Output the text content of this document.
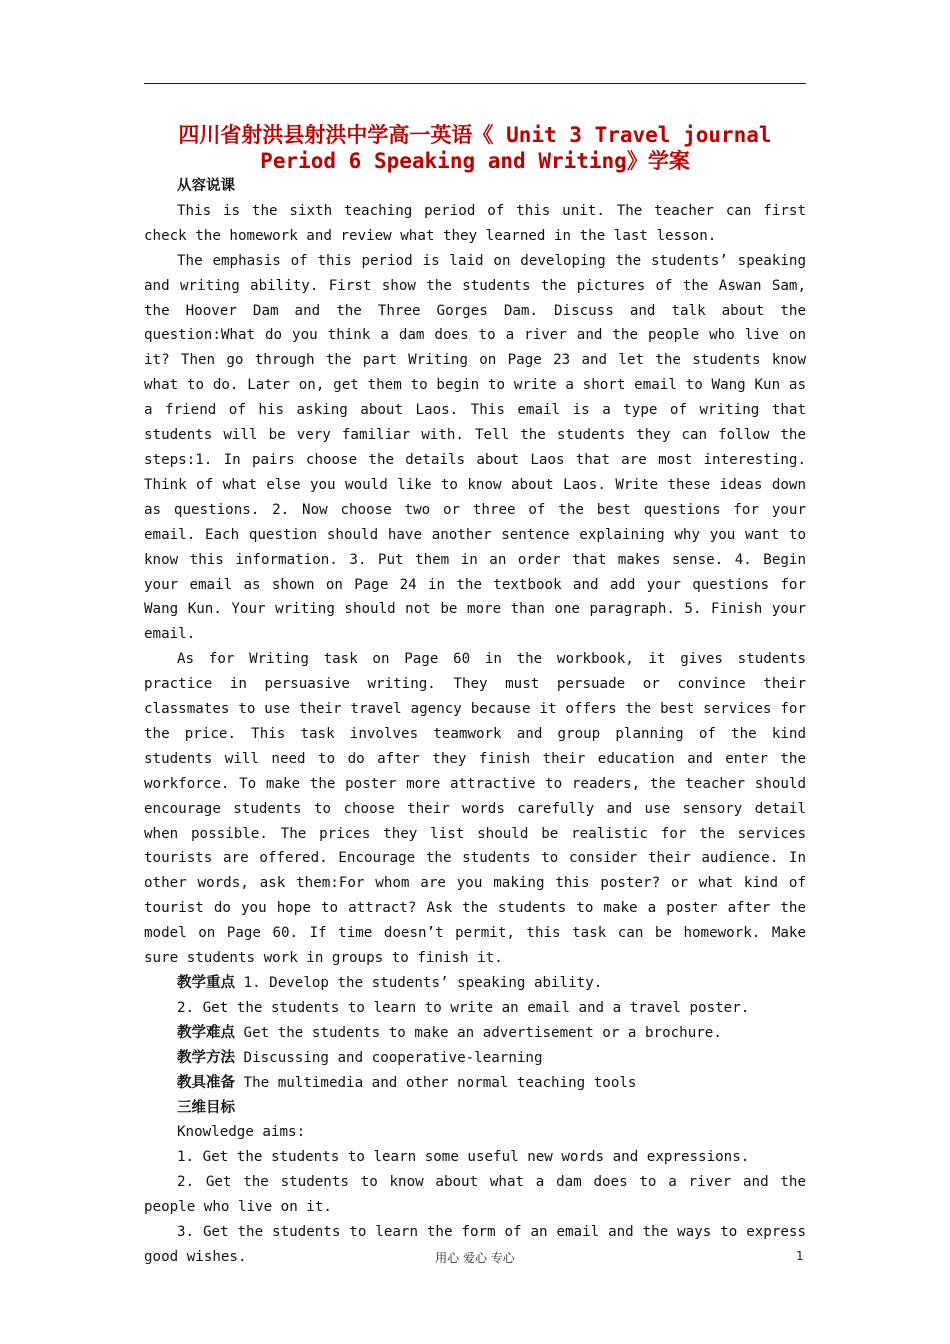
四川省射洪县射洪中学高一英语《 Unit 3 Travel journal Period 6 Speaking and Writing》学案

从容说课

This is the sixth teaching period of this unit. The teacher can first check the homework and review what they learned in the last lesson.

The emphasis of this period is laid on developing the students’ speaking and writing ability. First show the students the pictures of the Aswan Sam, the Hoover Dam and the Three Gorges Dam. Discuss and talk about the question:What do you think a dam does to a river and the people who live on it? Then go through the part Writing on Page 23 and let the students know what to do. Later on, get them to begin to write a short email to Wang Kun as a friend of his asking about Laos. This email is a type of writing that students will be very familiar with. Tell the students they can follow the steps:1. In pairs choose the details about Laos that are most interesting. Think of what else you would like to know about Laos. Write these ideas down as questions. 2. Now choose two or three of the best questions for your email. Each question should have another sentence explaining why you want to know this information. 3. Put them in an order that makes sense. 4. Begin your email as shown on Page 24 in the textbook and add your questions for Wang Kun. Your writing should not be more than one paragraph. 5. Finish your email.

As for Writing task on Page 60 in the workbook, it gives students practice in persuasive writing. They must persuade or convince their classmates to use their travel agency because it offers the best services for the price. This task involves teamwork and group planning of the kind students will need to do after they finish their education and enter the workforce. To make the poster more attractive to readers, the teacher should encourage students to choose their words carefully and use sensory detail when possible. The prices they list should be realistic for the services tourists are offered. Encourage the students to consider their audience. In other words, ask them:For whom are you making this poster? or what kind of tourist do you hope to attract? Ask the students to make a poster after the model on Page 60. If time doesn’t permit, this task can be homework. Make sure students work in groups to finish it.

教学重点 1. Develop the students’ speaking ability.

2. Get the students to learn to write an email and a travel poster.

教学难点 Get the students to make an advertisement or a brochure.

教学方法 Discussing and cooperative-learning

教具准备 The multimedia and other normal teaching tools

三维目标

Knowledge aims:

1. Get the students to learn some useful new words and expressions.

2. Get the students to know about what a dam does to a river and the people who live on it.

3. Get the students to learn the form of an email and the ways to express good wishes.	用心 爱心 专心	1
